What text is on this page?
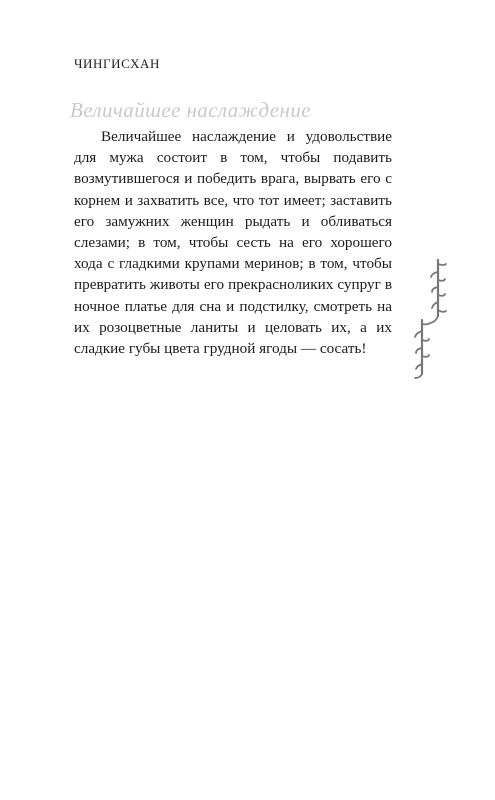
ЧИНГИСХАН
Величайшее наслаждение

Величайшее наслаждение и удовольствие для мужа состоит в том, чтобы подавить возмутившегося и победить врага, вырвать его с корнем и захватить все, что тот имеет; заставить его замужних женщин рыдать и обливаться слезами; в том, чтобы сесть на его хорошего хода с гладкими крупами меринов; в том, чтобы превратить животы его прекрасноликих супруг в ночное платье для сна и подстилку, смотреть на их розоцветные ланиты и целовать их, а их сладкие губы цвета грудной ягоды — сосать!
